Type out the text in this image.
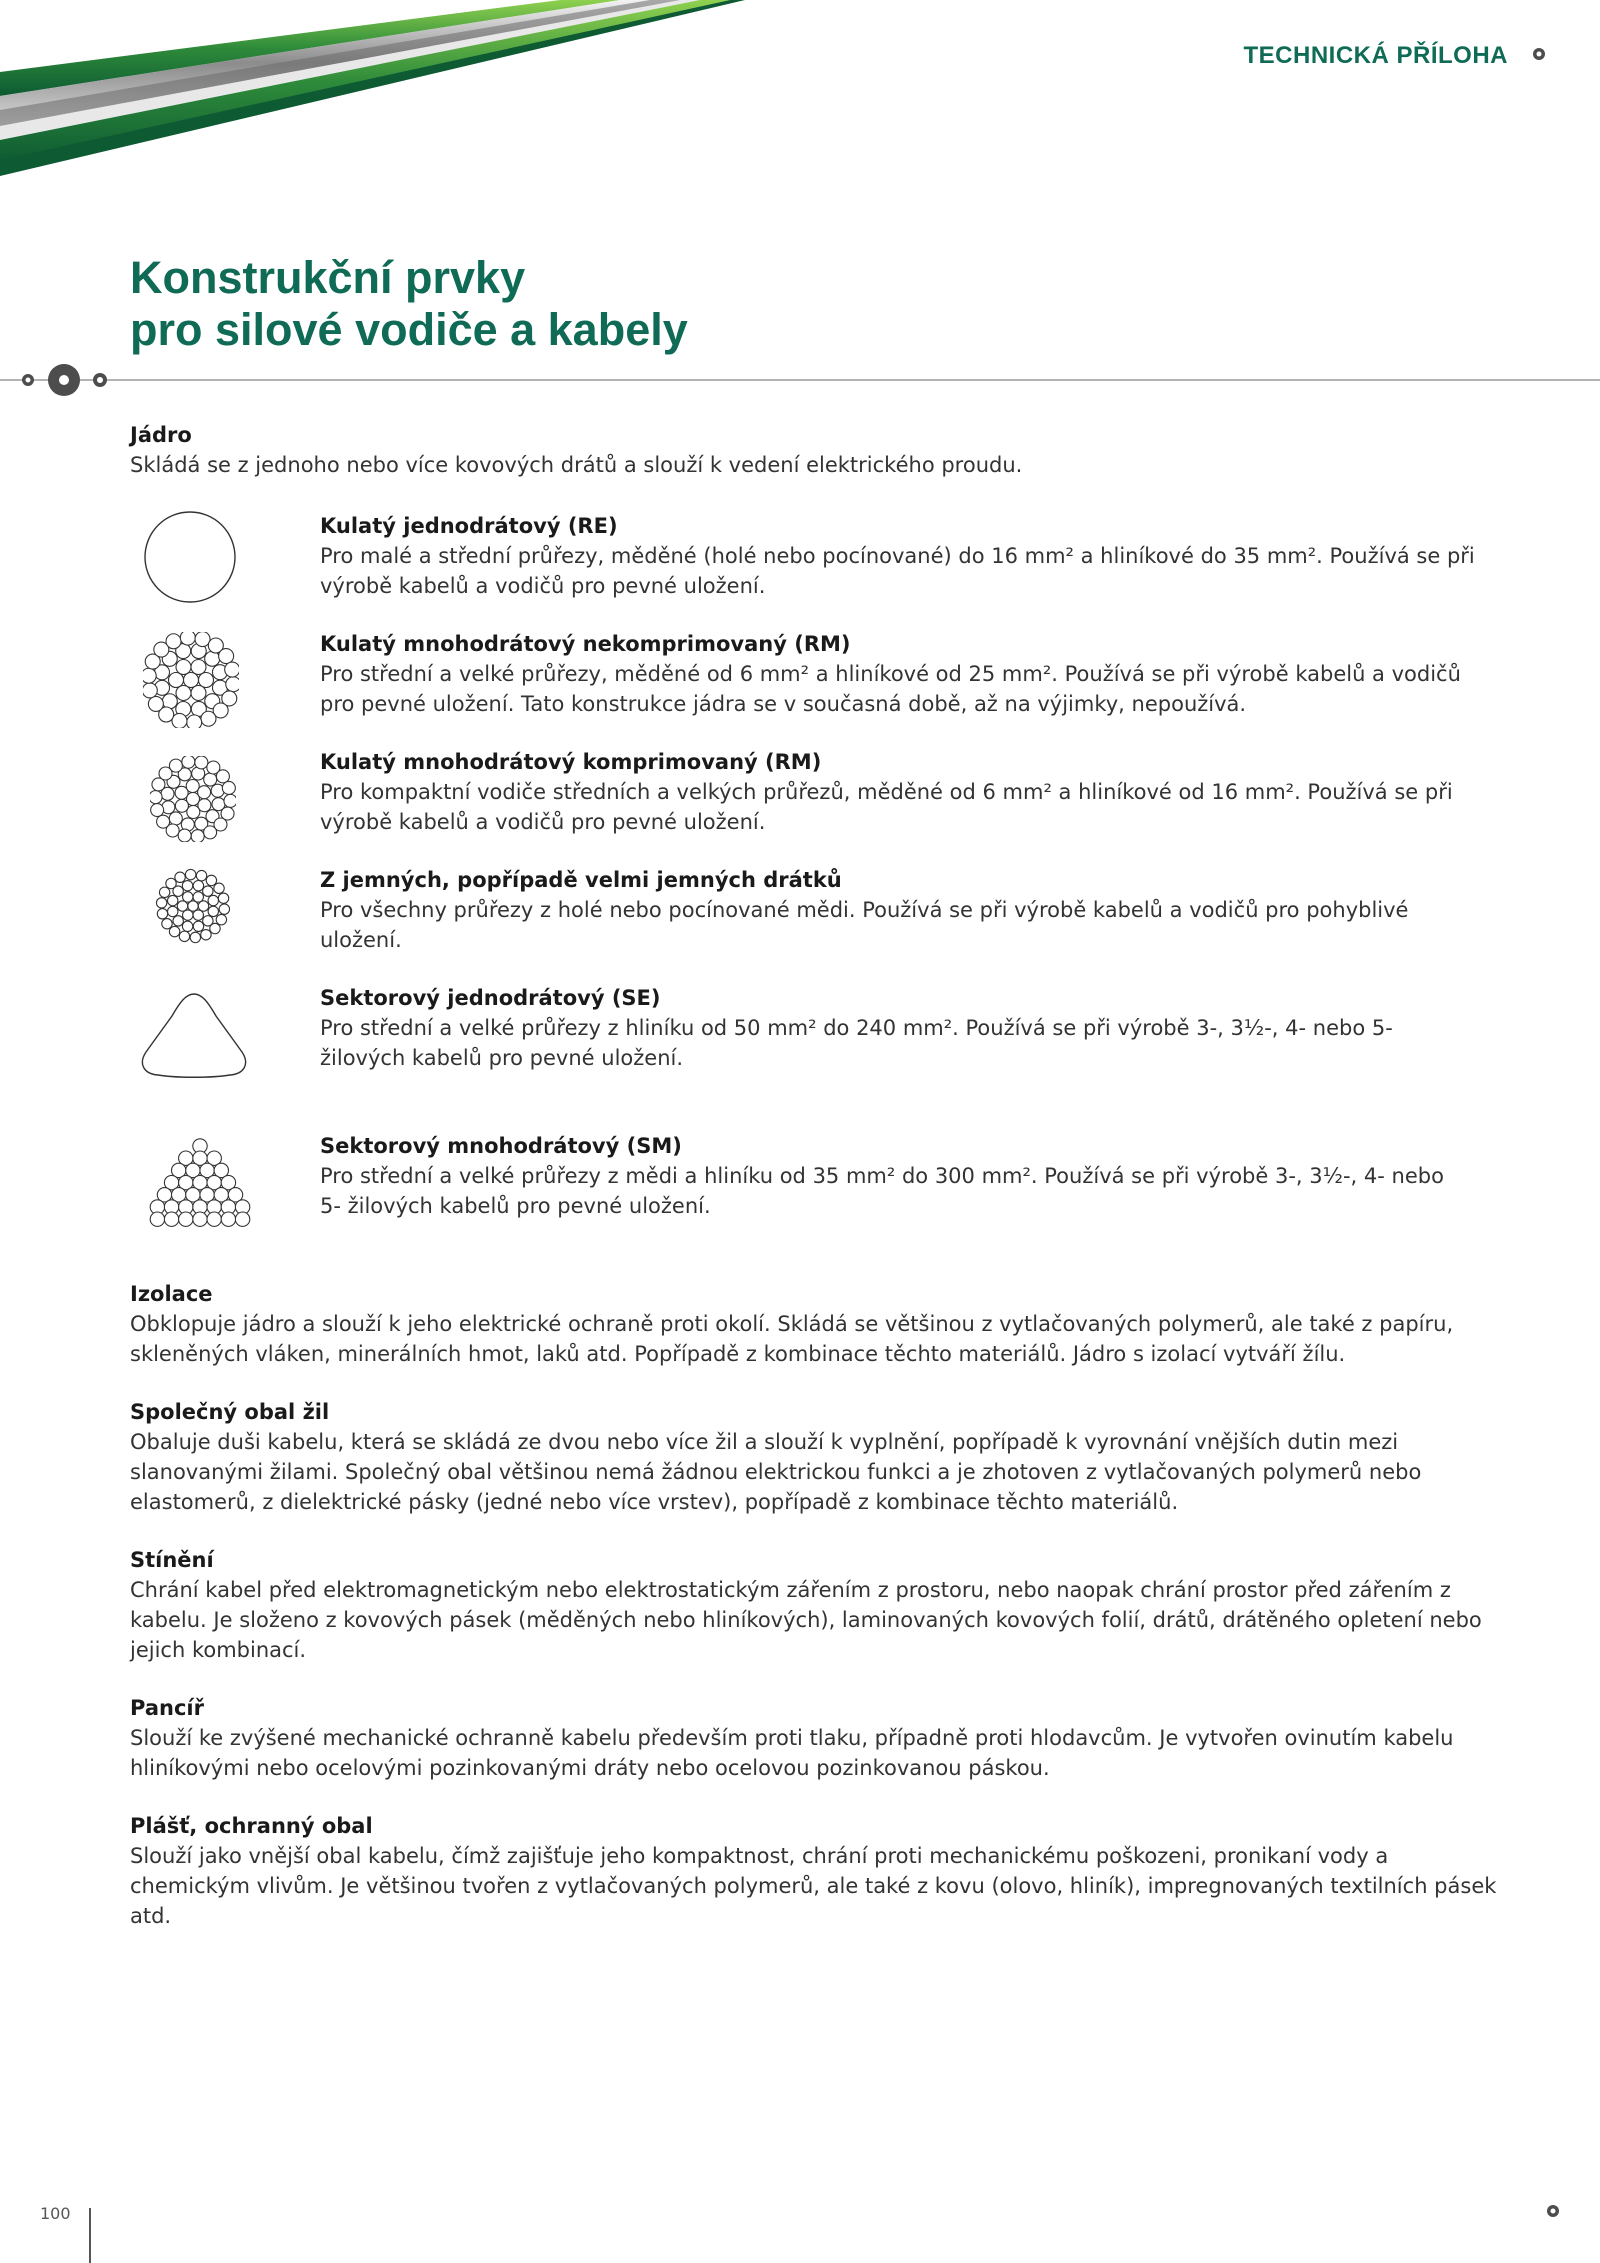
TECHNICKÁ PŘÍLOHA
Konstrukční prvky
pro silové vodiče a kabely
Jádro
Skládá se z jednoho nebo více kovových drátů a slouží k vedení elektrického proudu.
Kulatý jednodrátový (RE)
Pro malé a střední průřezy, měděné (holé nebo pocínované) do 16 mm² a hliníkové do 35 mm². Používá se při výrobě kabelů a vodičů pro pevné uložení.
Kulatý mnohodrátový nekomprimovaný (RM)
Pro střední a velké průřezy, měděné od 6 mm² a hliníkové od 25 mm². Používá se při výrobě kabelů a vodičů pro pevné uložení. Tato konstrukce jádra se v současná době, až na výjimky, nepoužívá.
Kulatý mnohodrátový komprimovaný (RM)
Pro kompaktní vodiče středních a velkých průřezů, měděné od 6 mm² a hliníkové od 16 mm². Používá se při výrobě kabelů a vodičů pro pevné uložení.
Z jemných, popřípadě velmi jemných drátků
Pro všechny průřezy z holé nebo pocínované mědi. Používá se při výrobě kabelů a vodičů pro pohyblivé uložení.
Sektorový jednodrátový (SE)
Pro střední a velké průřezy z hliníku od 50 mm² do 240 mm². Používá se při výrobě 3-, 3½-, 4- nebo 5- žilových kabelů pro pevné uložení.
Sektorový mnohodrátový (SM)
Pro střední a velké průřezy z mědi a hliníku od 35 mm² do 300 mm². Používá se při výrobě 3-, 3½-, 4- nebo 5- žilových kabelů pro pevné uložení.
Izolace
Obklopuje jádro a slouží k jeho elektrické ochraně proti okolí. Skládá se většinou z vytlačovaných polymerů, ale také z papíru, skleněných vláken, minerálních hmot, laků atd. Popřípadě z kombinace těchto materiálů. Jádro s izolací vytváří žílu.
Společný obal žil
Obaluje duši kabelu, která se skládá ze dvou nebo více žil a slouží k vyplnění, popřípadě k vyrovnání vnějších dutin mezi slanovanými žilami. Společný obal většinou nemá žádnou elektrickou funkci a je zhotoven z vytlačovaných polymerů nebo elastomerů, z dielektrické pásky (jedné nebo více vrstev), popřípadě z kombinace těchto materiálů.
Stínění
Chrání kabel před elektromagnetickým nebo elektrostatickým zářením z prostoru, nebo naopak chrání prostor před zářením z kabelu. Je složeno z kovových pásek (měděných nebo hliníkových), laminovaných kovových folií, drátů, drátěného opletení nebo jejich kombinací.
Pancíř
Slouží ke zvýšené mechanické ochranně kabelu především proti tlaku, případně proti hlodavcům. Je vytvořen ovinutím kabelu hliníkovými nebo ocelovými pozinkovanými dráty nebo ocelovou pozinkovanou páskou.
Plášť, ochranný obal
Slouží jako vnější obal kabelu, čímž zajišťuje jeho kompaktnost, chrání proti mechanickému poškozeni, pronikaní vody a chemickým vlivům. Je většinou tvořen z vytlačovaných polymerů, ale také z kovu (olovo, hliník), impregnovaných textilních pásek atd.
100
